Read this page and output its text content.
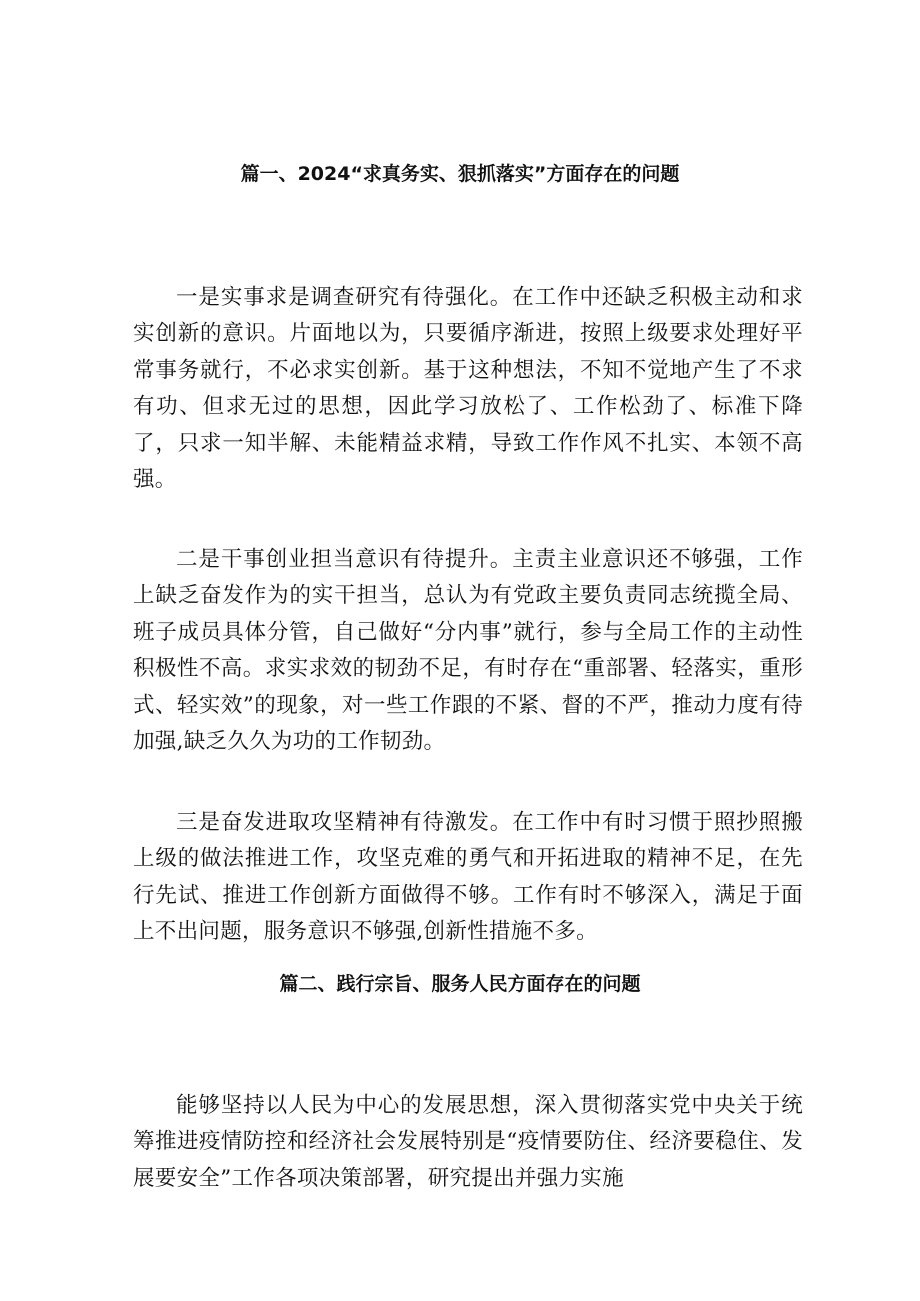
篇一、2024“求真务实、狠抓落实”方面存在的问题

一是实事求是调查研究有待强化。在工作中还缺乏积极主动和求实创新的意识。片面地以为，只要循序渐进，按照上级要求处理好平常事务就行，不必求实创新。基于这种想法，不知不觉地产生了不求有功、但求无过的思想，因此学习放松了、工作松劲了、标准下降了，只求一知半解、未能精益求精，导致工作作风不扎实、本领不高强。

二是干事创业担当意识有待提升。主责主业意识还不够强，工作上缺乏奋发作为的实干担当，总认为有党政主要负责同志统揽全局、班子成员具体分管，自己做好“分内事”就行，参与全局工作的主动性积极性不高。求实求效的韧劲不足，有时存在“重部署、轻落实，重形式、轻实效”的现象，对一些工作跟的不紧、督的不严，推动力度有待加强,缺乏久久为功的工作韧劲。

三是奋发进取攻坚精神有待激发。在工作中有时习惯于照抄照搬上级的做法推进工作，攻坚克难的勇气和开拓进取的精神不足，在先行先试、推进工作创新方面做得不够。工作有时不够深入，满足于面上不出问题，服务意识不够强,创新性措施不多。

篇二、践行宗旨、服务人民方面存在的问题

能够坚持以人民为中心的发展思想，深入贯彻落实党中央关于统筹推进疫情防控和经济社会发展特别是“疫情要防住、经济要稳住、发展要安全”工作各项决策部署，研究提出并强力实施
